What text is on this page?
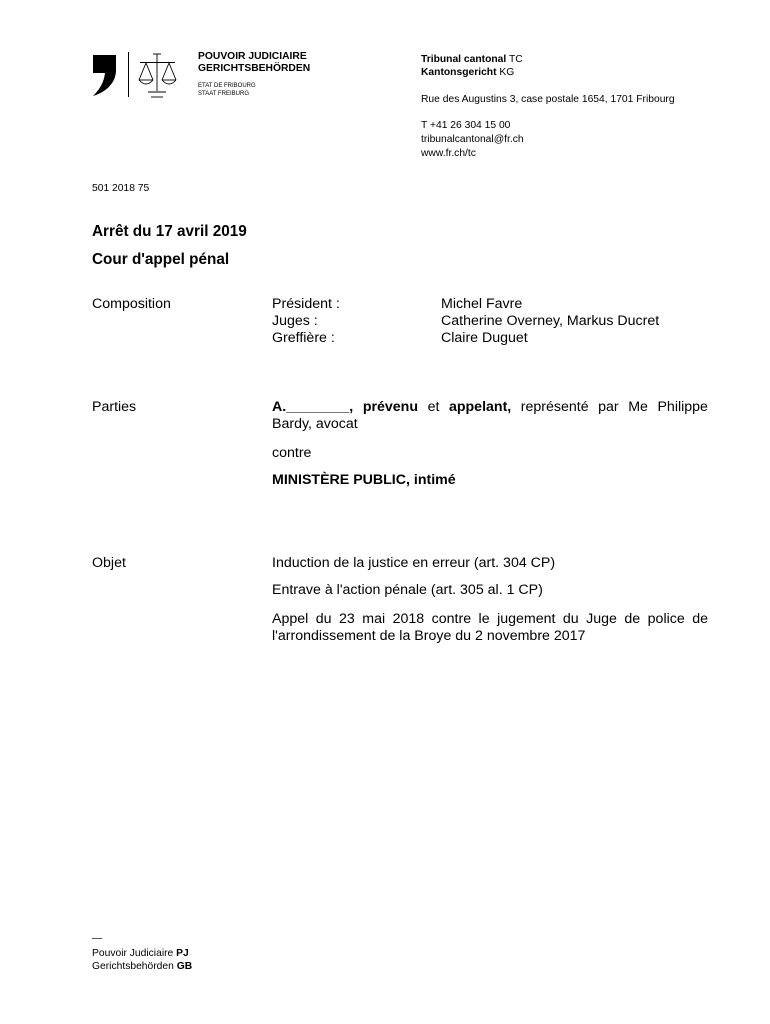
POUVOIR JUDICIAIRE
GERICHTSBEHÖRDEN
ETAT DE FRIBOURG
STAAT FREIBURG
Tribunal cantonal TC
Kantonsgericht KG
Rue des Augustins 3, case postale 1654, 1701 Fribourg
T +41 26 304 15 00
tribunalcantonal@fr.ch
www.fr.ch/tc
501 2018 75
Arrêt du 17 avril 2019
Cour d'appel pénal
Composition	Président :	Michel Favre
Juges :	Catherine Overney, Markus Ducret
Greffière :	Claire Duguet
Parties	A.________, prévenu et appelant, représenté par Me Philippe Bardy, avocat
contre
MINISTÈRE PUBLIC, intimé
Objet	Induction de la justice en erreur (art. 304 CP)
Entrave à l'action pénale (art. 305 al. 1 CP)
Appel du 23 mai 2018 contre le jugement du Juge de police de l'arrondissement de la Broye du 2 novembre 2017
—
Pouvoir Judiciaire PJ
Gerichtsbehörden GB
